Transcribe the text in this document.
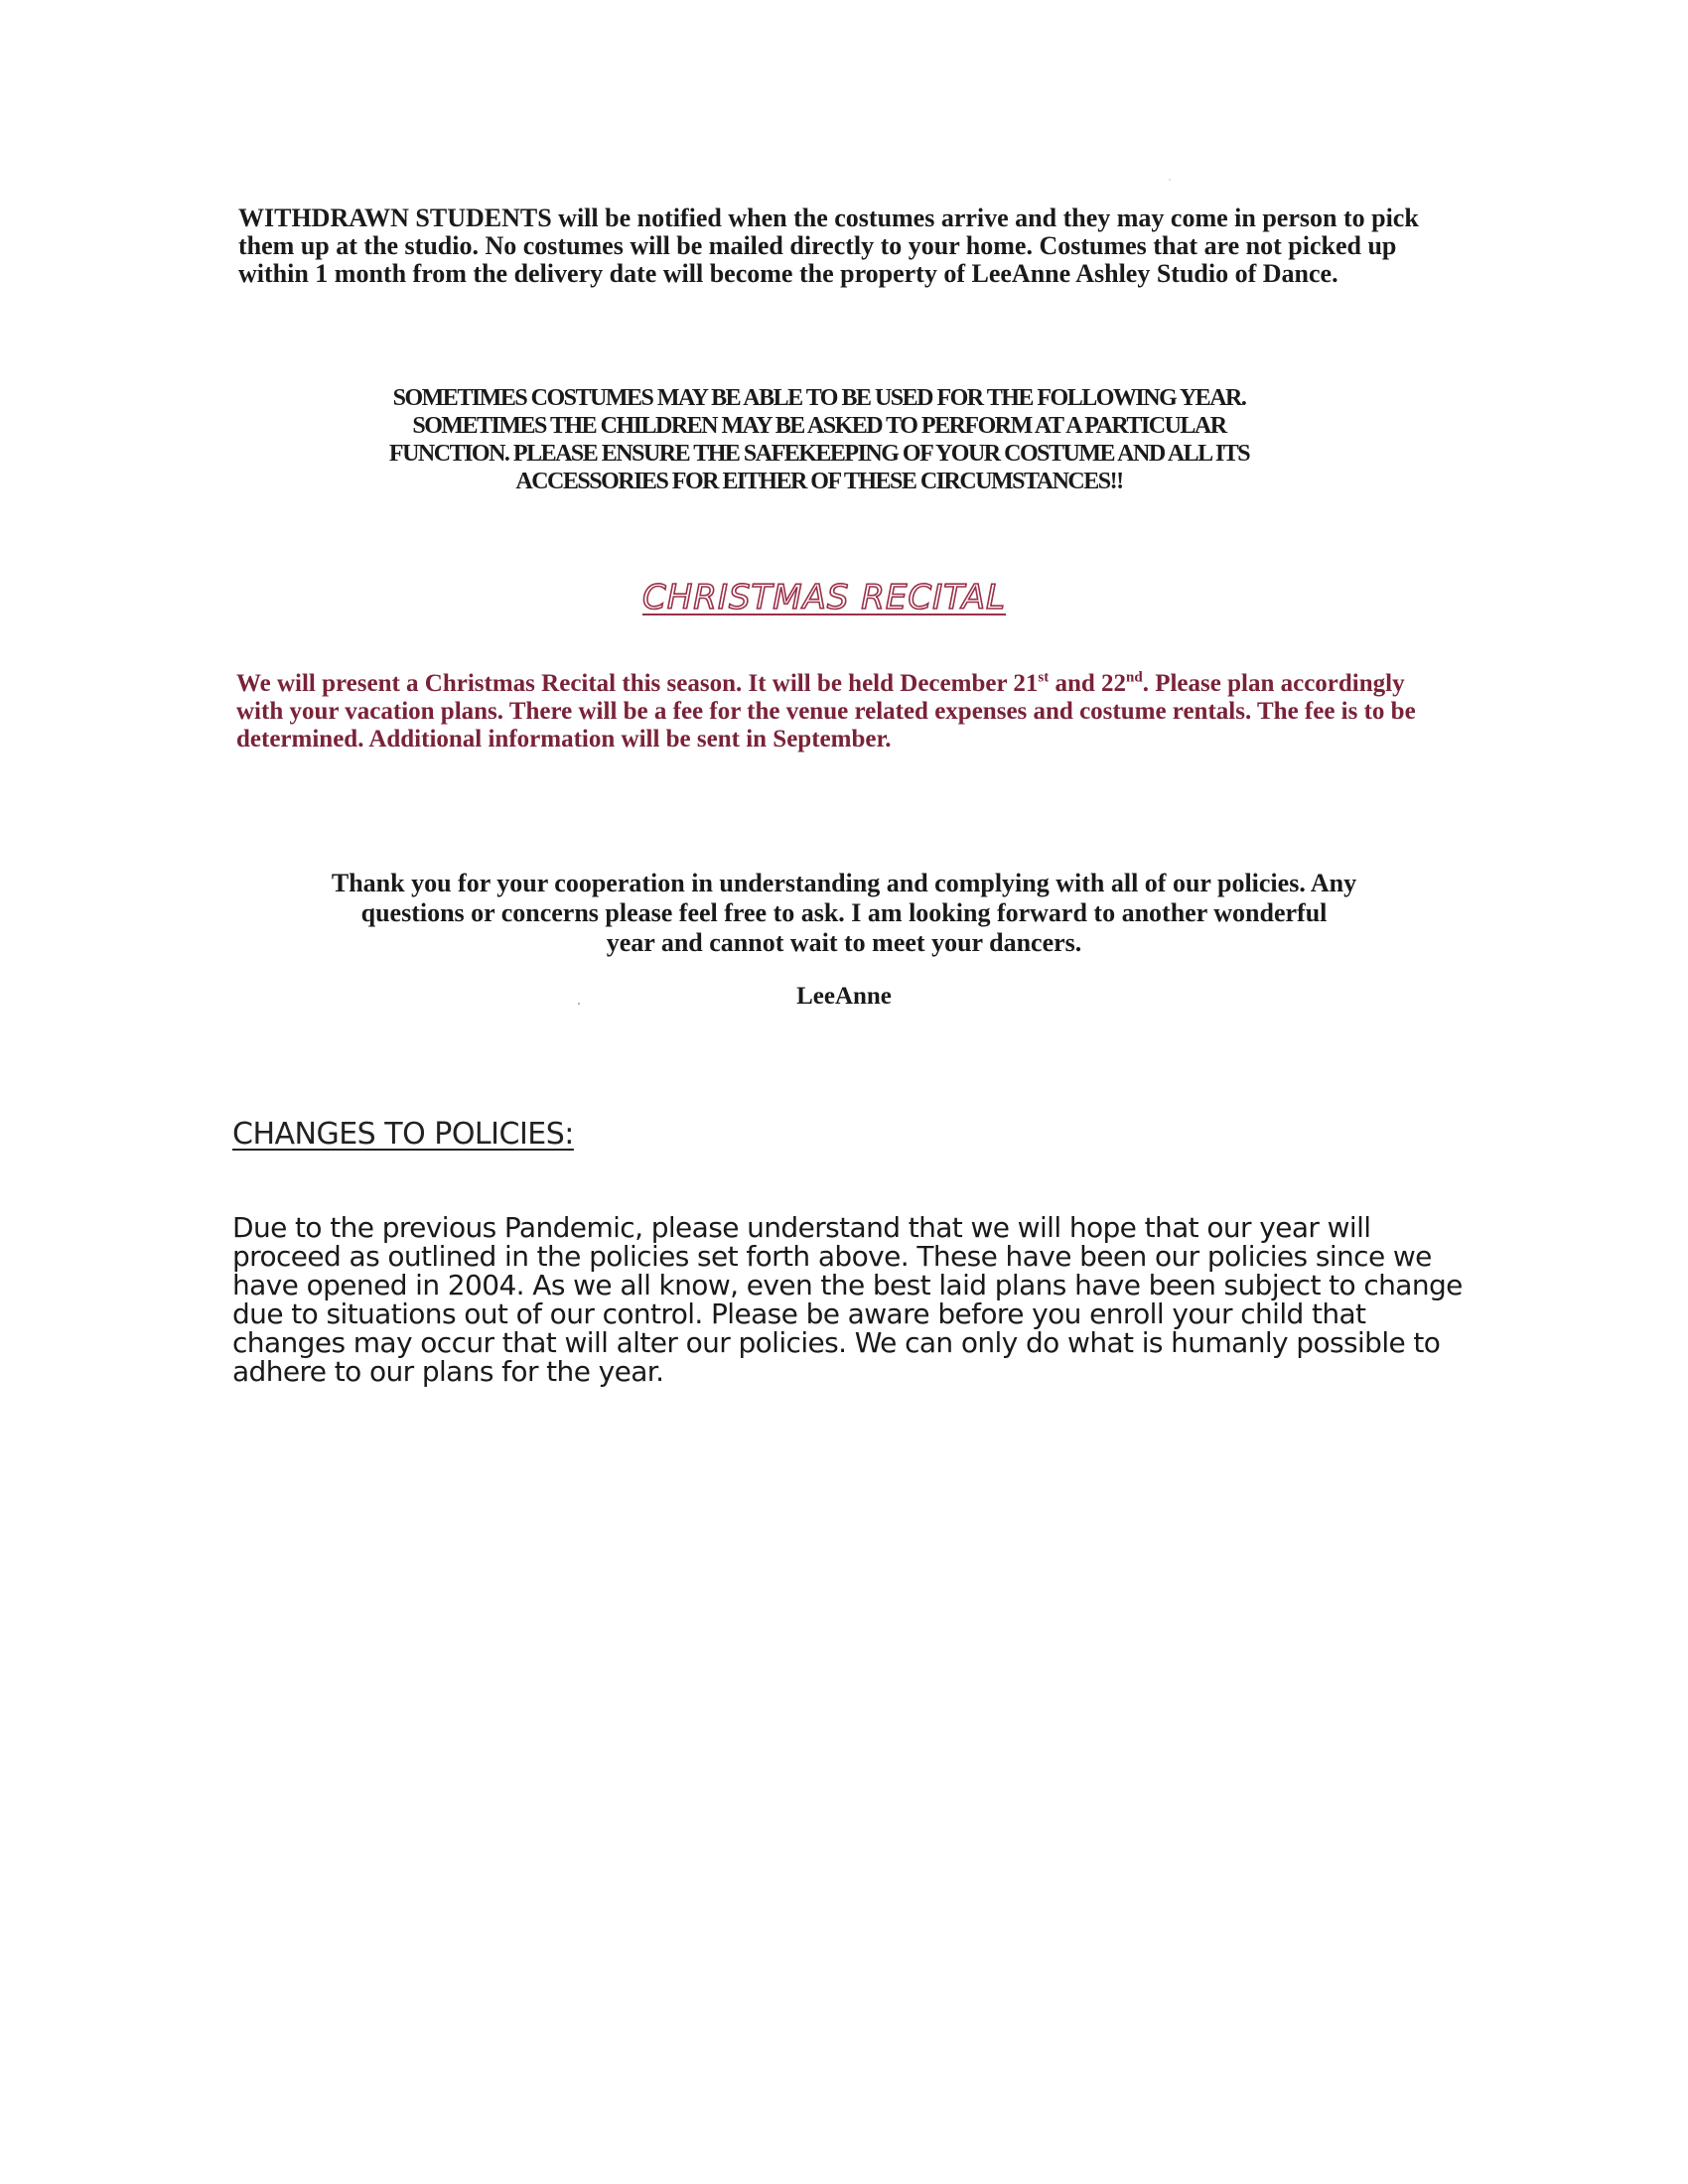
WITHDRAWN STUDENTS will be notified when the costumes arrive and they may come in person to pick them up at the studio. No costumes will be mailed directly to your home. Costumes that are not picked up within 1 month from the delivery date will become the property of LeeAnne Ashley Studio of Dance.

SOMETIMES COSTUMES MAY BE ABLE TO BE USED FOR THE FOLLOWING YEAR.
SOMETIMES THE CHILDREN MAY BE ASKED TO PERFORM AT A PARTICULAR
FUNCTION. PLEASE ENSURE THE SAFEKEEPING OF YOUR COSTUME AND ALL ITS
ACCESSORIES FOR EITHER OF THESE CIRCUMSTANCES!!

CHRISTMAS RECITAL

We will present a Christmas Recital this season. It will be held December 21st and 22nd. Please plan accordingly with your vacation plans. There will be a fee for the venue related expenses and costume rentals. The fee is to be determined. Additional information will be sent in September.

Thank you for your cooperation in understanding and complying with all of our policies. Any
questions or concerns please feel free to ask. I am looking forward to another wonderful
year and cannot wait to meet your dancers.

LeeAnne

CHANGES TO POLICIES:

Due to the previous Pandemic, please understand that we will hope that our year will proceed as outlined in the policies set forth above. These have been our policies since we have opened in 2004. As we all know, even the best laid plans have been subject to change due to situations out of our control. Please be aware before you enroll your child that changes may occur that will alter our policies. We can only do what is humanly possible to adhere to our plans for the year.
